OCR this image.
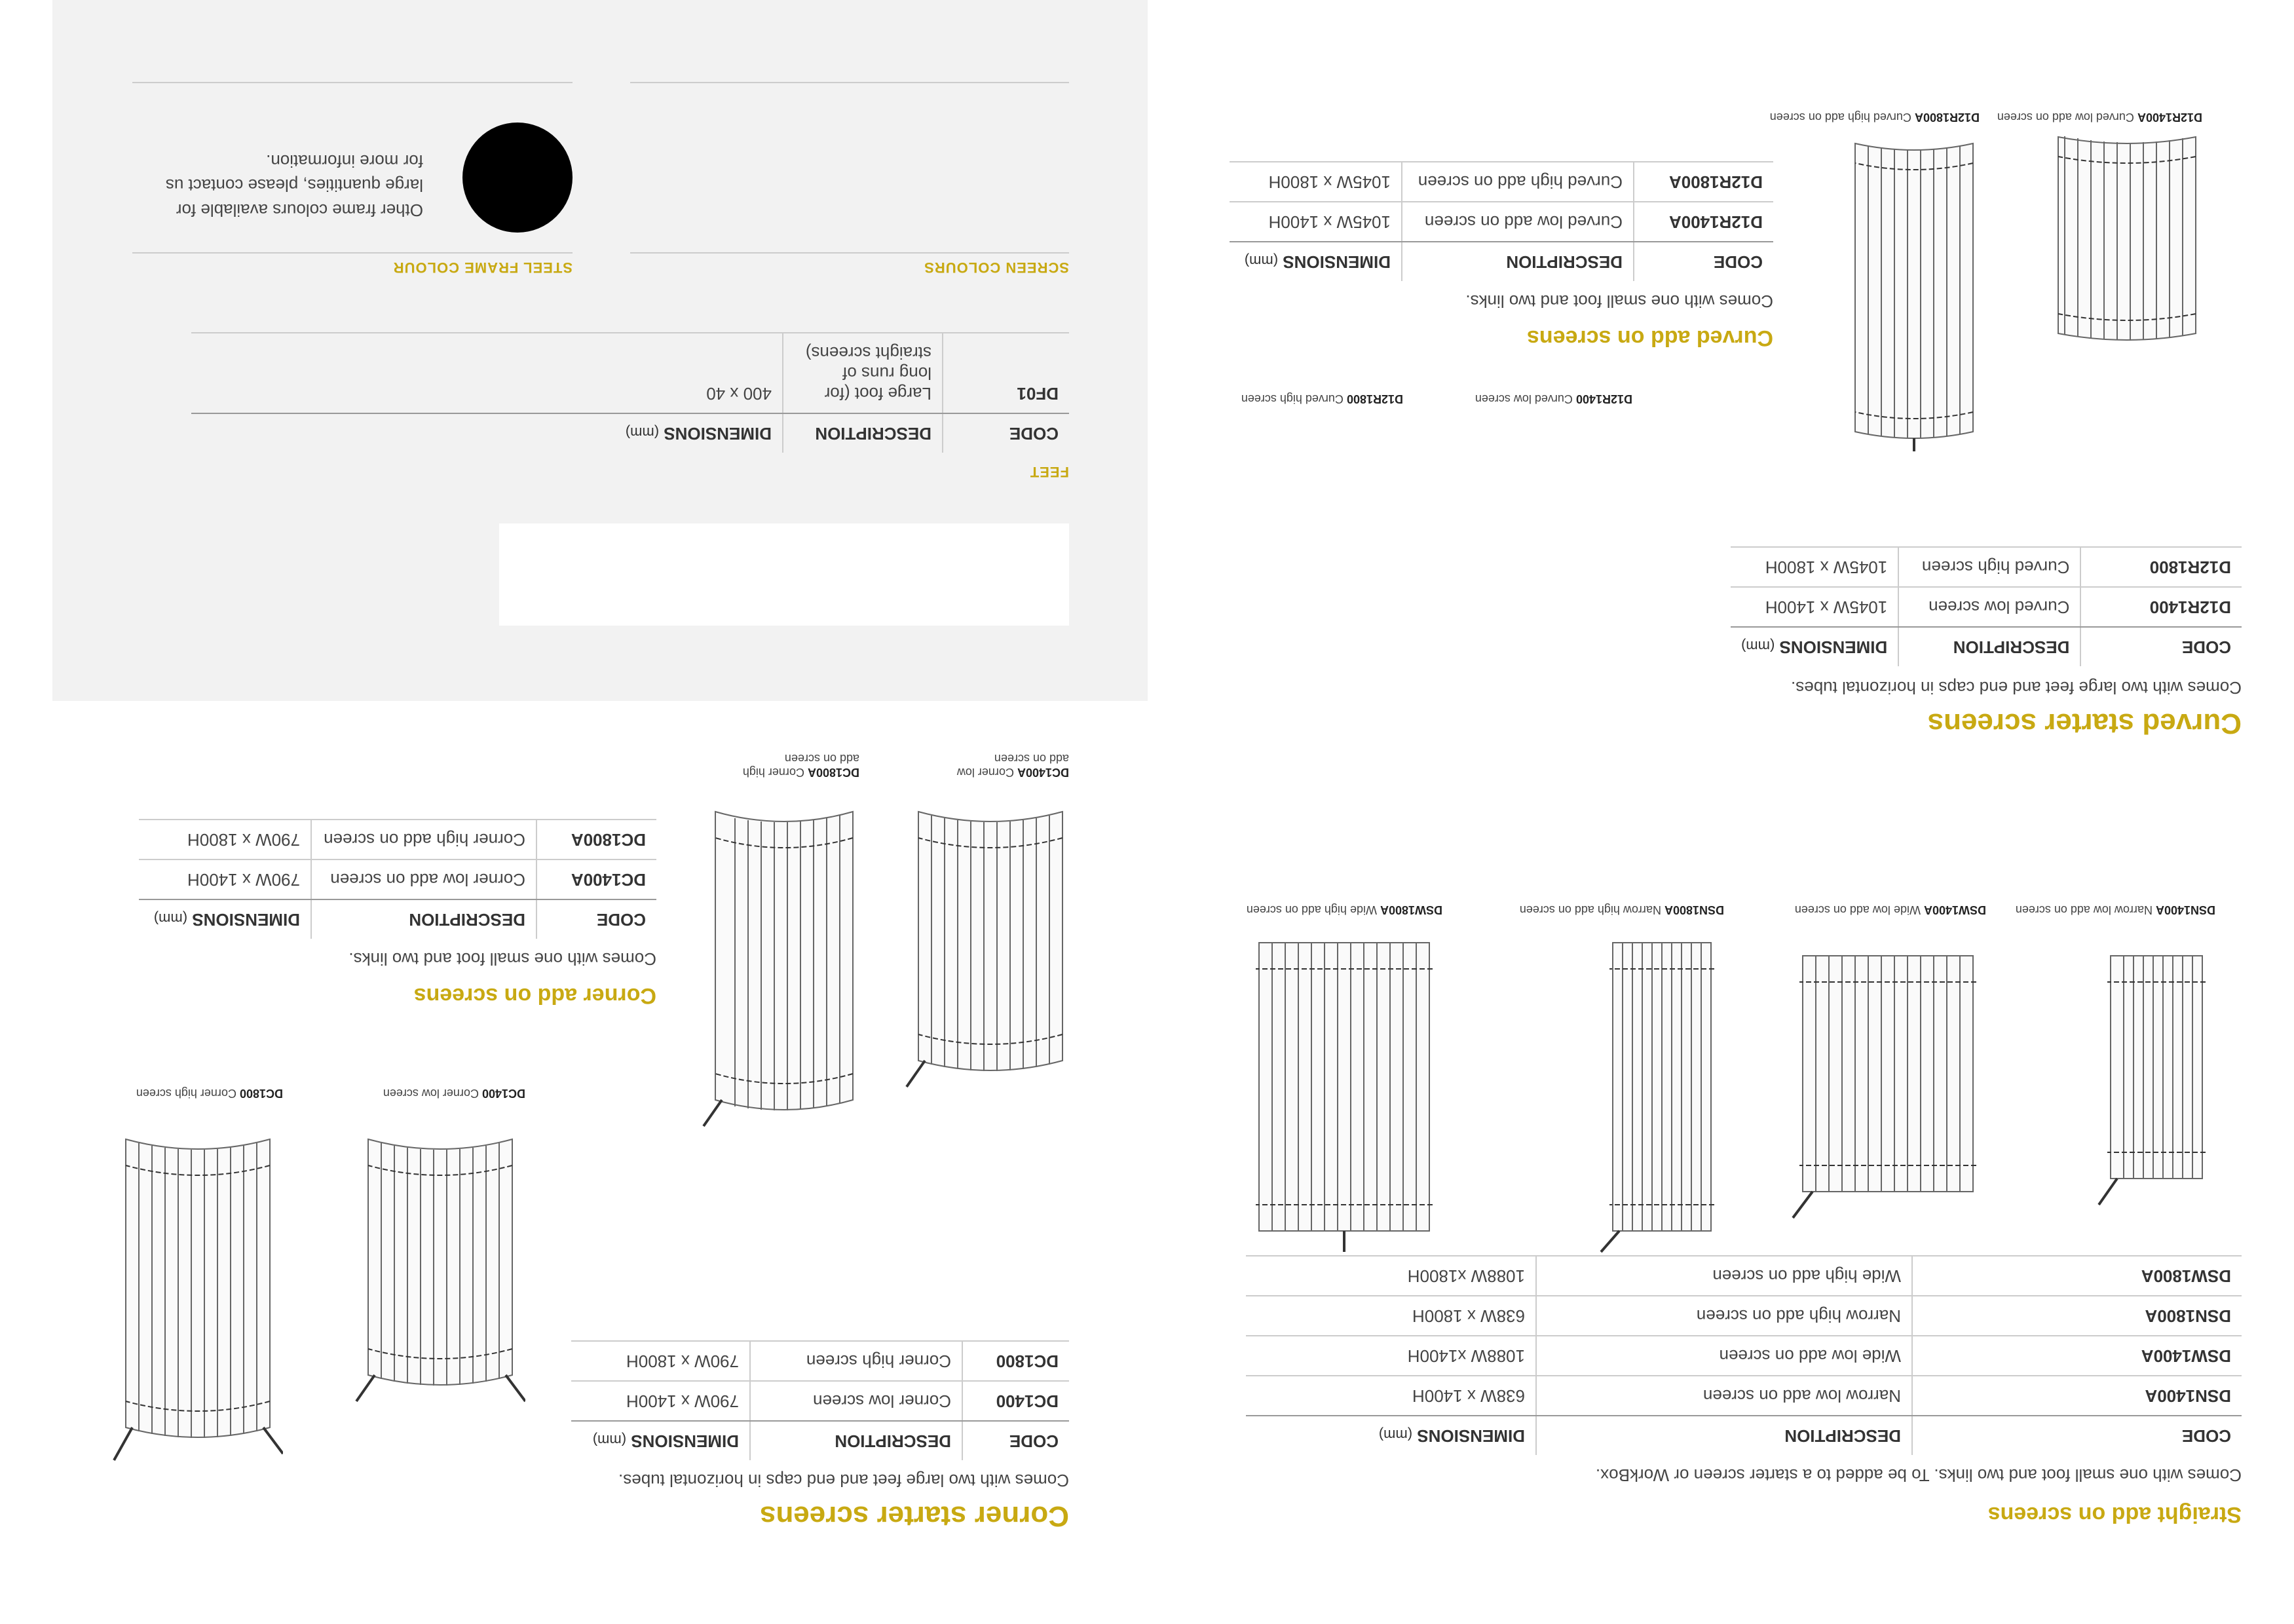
Straight add on screens
Comes with one small foot and two links. To be added to a starter screen or WorkBox.
CODE	DESCRIPTION	DIMENSIONS (mm)
DSN1400A	Narrow low add on screen	638W x 1400H
DSW1400A	Wide low add on screen	1088W x1400H
DSN1800A	Narrow high add on screen	638W x 1800H
DSW1800A	Wide high add on screen	1088W x1800H
DSN1400A Narrow low add on screen
DSW1400A Wide low add on screen
DSN1800A Narrow high add on screen
DSW1800A Wide high add on screen
Curved starter screens
Comes with two large feet and end caps in horizontal tubes.
CODE	DESCRIPTION	DIMENSIONS (mm)
D12R1400	Curved low screen	1045W x 1400H
D12R1800	Curved high screen	1045W x 1800H
D12R1400A Curved low add on screen
D12R1800A Curved high add on screen
Curved add on screens
Comes with one small foot and two links.
CODE	DESCRIPTION	DIMENSIONS (mm)
D12R1400A	Curved low add on screen	1045W x 1400H
D12R1800A	Curved high add on screen	1045W x 1800H
D12R1400 Curved low screen
D12R1800 Curved high screen
Corner starter screens
Comes with two large feet and end caps in horizontal tubes.
CODE	DESCRIPTION	DIMENSIONS (mm)
DC1400	Corner low screen	790W x 1400H
DC1800	Corner high screen	790W x 1800H
DC1400 Corner low screen
DC1800 Corner high screen
DC1400A Corner low
add on screen
DC1800A Corner high
add on screen
Corner add on screens
Comes with one small foot and two links.
CODE	DESCRIPTION	DIMENSIONS (mm)
DC1400A	Corner low add on screen	790W x 1400H
DC1800A	Corner high add on screen	790W x 1800H
FEET
CODE	DESCRIPTION	DIMENSIONS (mm)
DF01	Large foot (for
long runs of
straight screens)	400 x 40
SCREEN COLOURS
STEEL FRAME COLOUR
Other frame colours available for
large quantities, please contact us
for more information.
